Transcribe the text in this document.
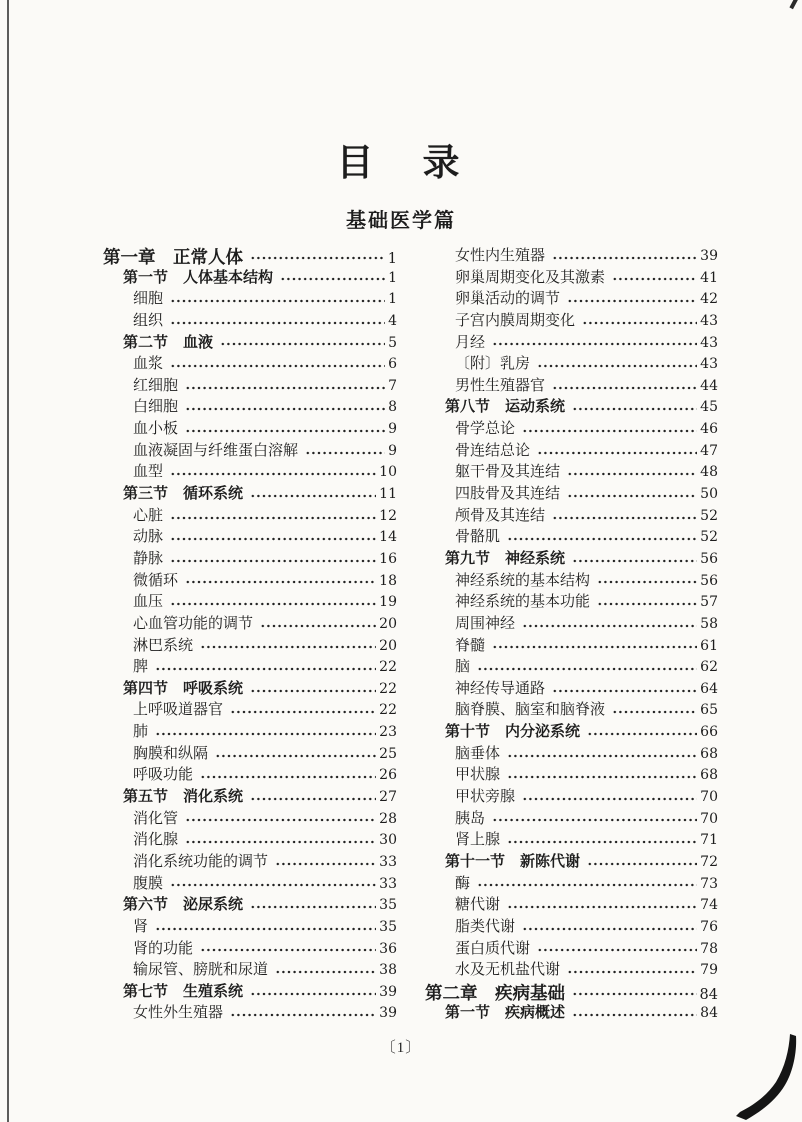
目　录
基础医学篇
第一章　正常人体	1
第一节　人体基本结构	1
细胞	1
组织	4
第二节　血液	5
血浆	6
红细胞	7
白细胞	8
血小板	9
血液凝固与纤维蛋白溶解	9
血型	10
第三节　循环系统	11
心脏	12
动脉	14
静脉	16
微循环	18
血压	19
心血管功能的调节	20
淋巴系统	20
脾	22
第四节　呼吸系统	22
上呼吸道器官	22
肺	23
胸膜和纵隔	25
呼吸功能	26
第五节　消化系统	27
消化管	28
消化腺	30
消化系统功能的调节	33
腹膜	33
第六节　泌尿系统	35
肾	35
肾的功能	36
输尿管、膀胱和尿道	38
第七节　生殖系统	39
女性外生殖器	39
女性内生殖器	39
卵巢周期变化及其激素	41
卵巢活动的调节	42
子宫内膜周期变化	43
月经	43
〔附〕乳房	43
男性生殖器官	44
第八节　运动系统	45
骨学总论	46
骨连结总论	47
躯干骨及其连结	48
四肢骨及其连结	50
颅骨及其连结	52
骨骼肌	52
第九节　神经系统	56
神经系统的基本结构	56
神经系统的基本功能	57
周围神经	58
脊髓	61
脑	62
神经传导通路	64
脑脊膜、脑室和脑脊液	65
第十节　内分泌系统	66
脑垂体	68
甲状腺	68
甲状旁腺	70
胰岛	70
肾上腺	71
第十一节　新陈代谢	72
酶	73
糖代谢	74
脂类代谢	76
蛋白质代谢	78
水及无机盐代谢	79
第二章　疾病基础	84
第一节　疾病概述	84
〔1〕
